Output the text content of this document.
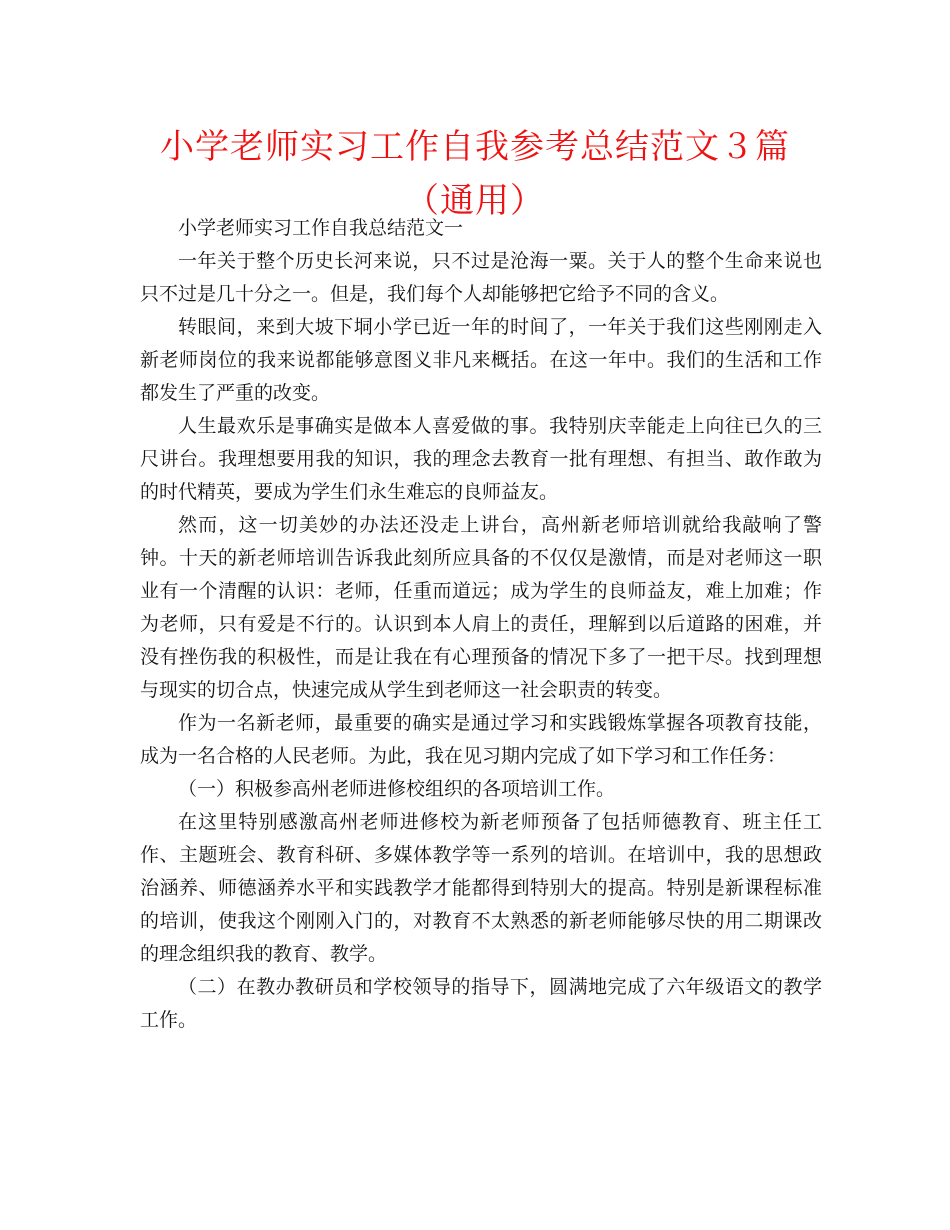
小学老师实习工作自我参考总结范文３篇（通用）

小学老师实习工作自我总结范文一

一年关于整个历史长河来说，只不过是沧海一粟。关于人的整个生命来说也只不过是几十分之一。但是，我们每个人却能够把它给予不同的含义。

转眼间，来到大坡下垌小学已近一年的时间了，一年关于我们这些刚刚走入新老师岗位的我来说都能够意图义非凡来概括。在这一年中。我们的生活和工作都发生了严重的改变。

人生最欢乐是事确实是做本人喜爱做的事。我特别庆幸能走上向往已久的三尺讲台。我理想要用我的知识，我的理念去教育一批有理想、有担当、敢作敢为的时代精英，要成为学生们永生难忘的良师益友。

然而，这一切美妙的办法还没走上讲台，高州新老师培训就给我敲响了警钟。十天的新老师培训告诉我此刻所应具备的不仅仅是激情，而是对老师这一职业有一个清醒的认识：老师，任重而道远；成为学生的良师益友，难上加难；作为老师，只有爱是不行的。认识到本人肩上的责任，理解到以后道路的困难，并没有挫伤我的积极性，而是让我在有心理预备的情况下多了一把干尽。找到理想与现实的切合点，快速完成从学生到老师这一社会职责的转变。

作为一名新老师，最重要的确实是通过学习和实践锻炼掌握各项教育技能，成为一名合格的人民老师。为此，我在见习期内完成了如下学习和工作任务：

（一）积极参高州老师进修校组织的各项培训工作。

在这里特别感激高州老师进修校为新老师预备了包括师德教育、班主任工作、主题班会、教育科研、多媒体教学等一系列的培训。在培训中，我的思想政治涵养、师德涵养水平和实践教学才能都得到特别大的提高。特别是新课程标准的培训，使我这个刚刚入门的，对教育不太熟悉的新老师能够尽快的用二期课改的理念组织我的教育、教学。

（二）在教办教研员和学校领导的指导下，圆满地完成了六年级语文的教学工作。
